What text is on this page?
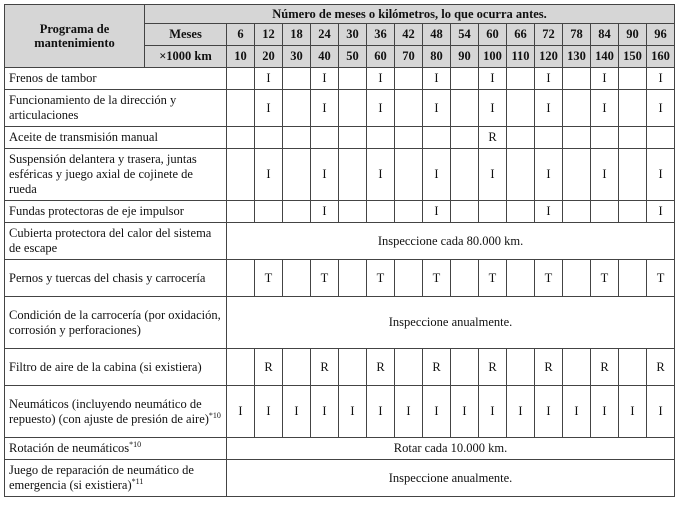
Programa de mantenimiento	Número de meses o kilómetros, lo que ocurra antes.																
	Meses	6	12	18	24	30	36	42	48	54	60	66	72	78	84	90	96
	×1000 km	10	20	30	40	50	60	70	80	90	100	110	120	130	140	150	160
Frenos de tambor			I		I		I		I		I		I		I		I
Funcionamiento de la dirección y articulaciones			I		I		I		I		I		I		I		I
Aceite de transmisión manual											R						
Suspensión delantera y trasera, juntas esféricas y juego axial de cojinete de rueda			I		I		I		I		I		I		I		I
Fundas protectoras de eje impulsor					I				I				I				I
Cubierta protectora del calor del sistema de escape		Inspeccione cada 80.000 km.															
Pernos y tuercas del chasis y carrocería			T		T		T		T		T		T		T		T
Condición de la carrocería (por oxidación, corrosión y perforaciones)		Inspeccione anualmente.															
Filtro de aire de la cabina (si existiera)			R		R		R		R		R		R		R		R
Neumáticos (incluyendo neumático de repuesto) (con ajuste de presión de aire)$^{*10}$		I	I	I	I	I	I	I	I	I	I	I	I	I	I	I	I
Rotación de neumáticos$^{*10}$		Rotar cada 10.000 km.															
Juego de reparación de neumático de emergencia (si existiera)$^{*11}$		Inspeccione anualmente.															
